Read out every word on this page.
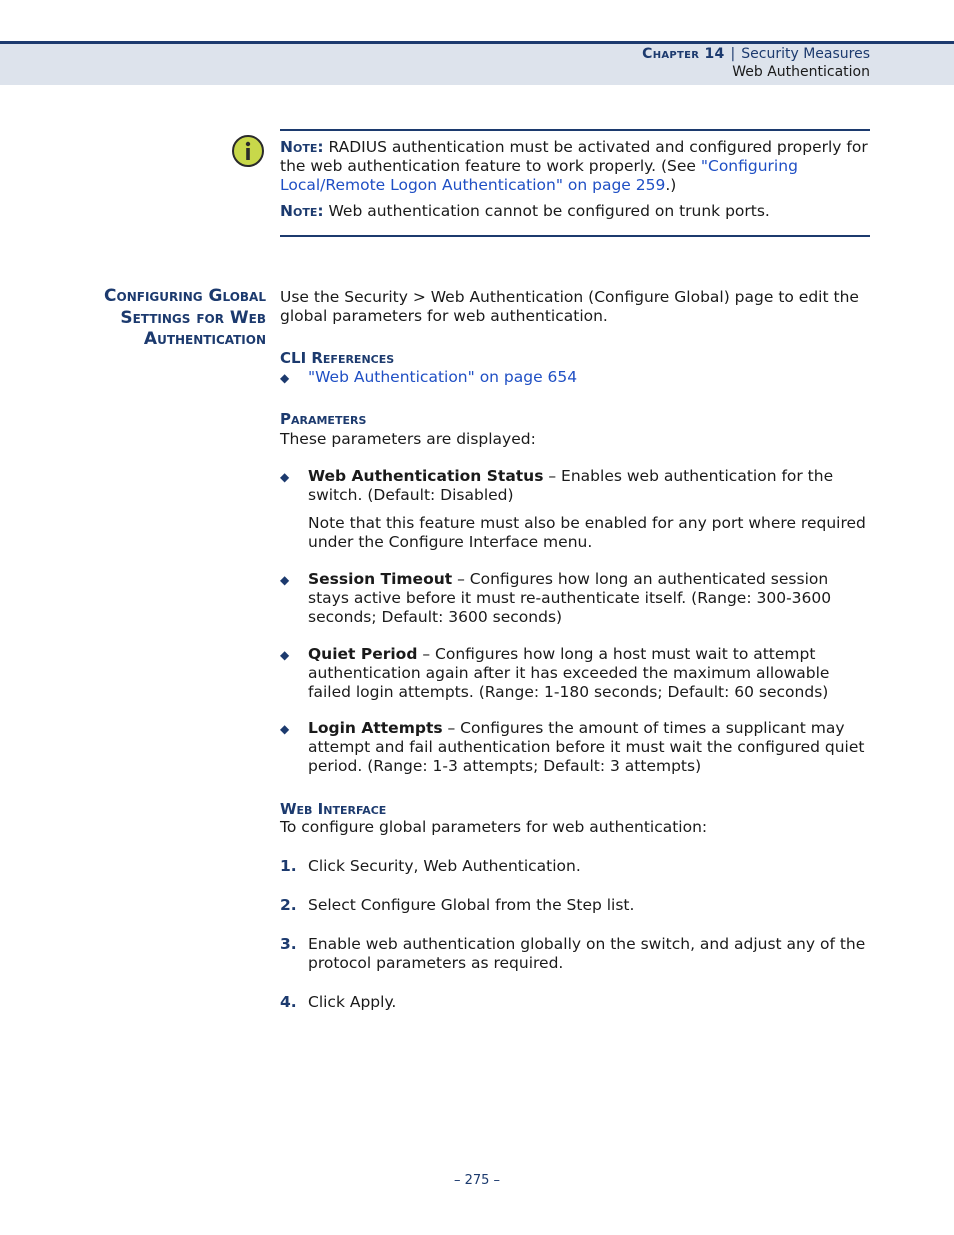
Chapter 14 | Security Measures
Web Authentication
Note: RADIUS authentication must be activated and configured properly for the web authentication feature to work properly. (See "Configuring Local/Remote Logon Authentication" on page 259.)
Note: Web authentication cannot be configured on trunk ports.
Configuring Global
Settings for Web
Authentication
Use the Security > Web Authentication (Configure Global) page to edit the global parameters for web authentication.
CLI References
◆ "Web Authentication" on page 654
Parameters
These parameters are displayed:
◆ Web Authentication Status – Enables web authentication for the switch. (Default: Disabled)
Note that this feature must also be enabled for any port where required under the Configure Interface menu.
◆ Session Timeout – Configures how long an authenticated session stays active before it must re-authenticate itself. (Range: 300-3600 seconds; Default: 3600 seconds)
◆ Quiet Period – Configures how long a host must wait to attempt authentication again after it has exceeded the maximum allowable failed login attempts. (Range: 1-180 seconds; Default: 60 seconds)
◆ Login Attempts – Configures the amount of times a supplicant may attempt and fail authentication before it must wait the configured quiet period. (Range: 1-3 attempts; Default: 3 attempts)
Web Interface
To configure global parameters for web authentication:
1. Click Security, Web Authentication.
2. Select Configure Global from the Step list.
3. Enable web authentication globally on the switch, and adjust any of the protocol parameters as required.
4. Click Apply.
– 275 –
